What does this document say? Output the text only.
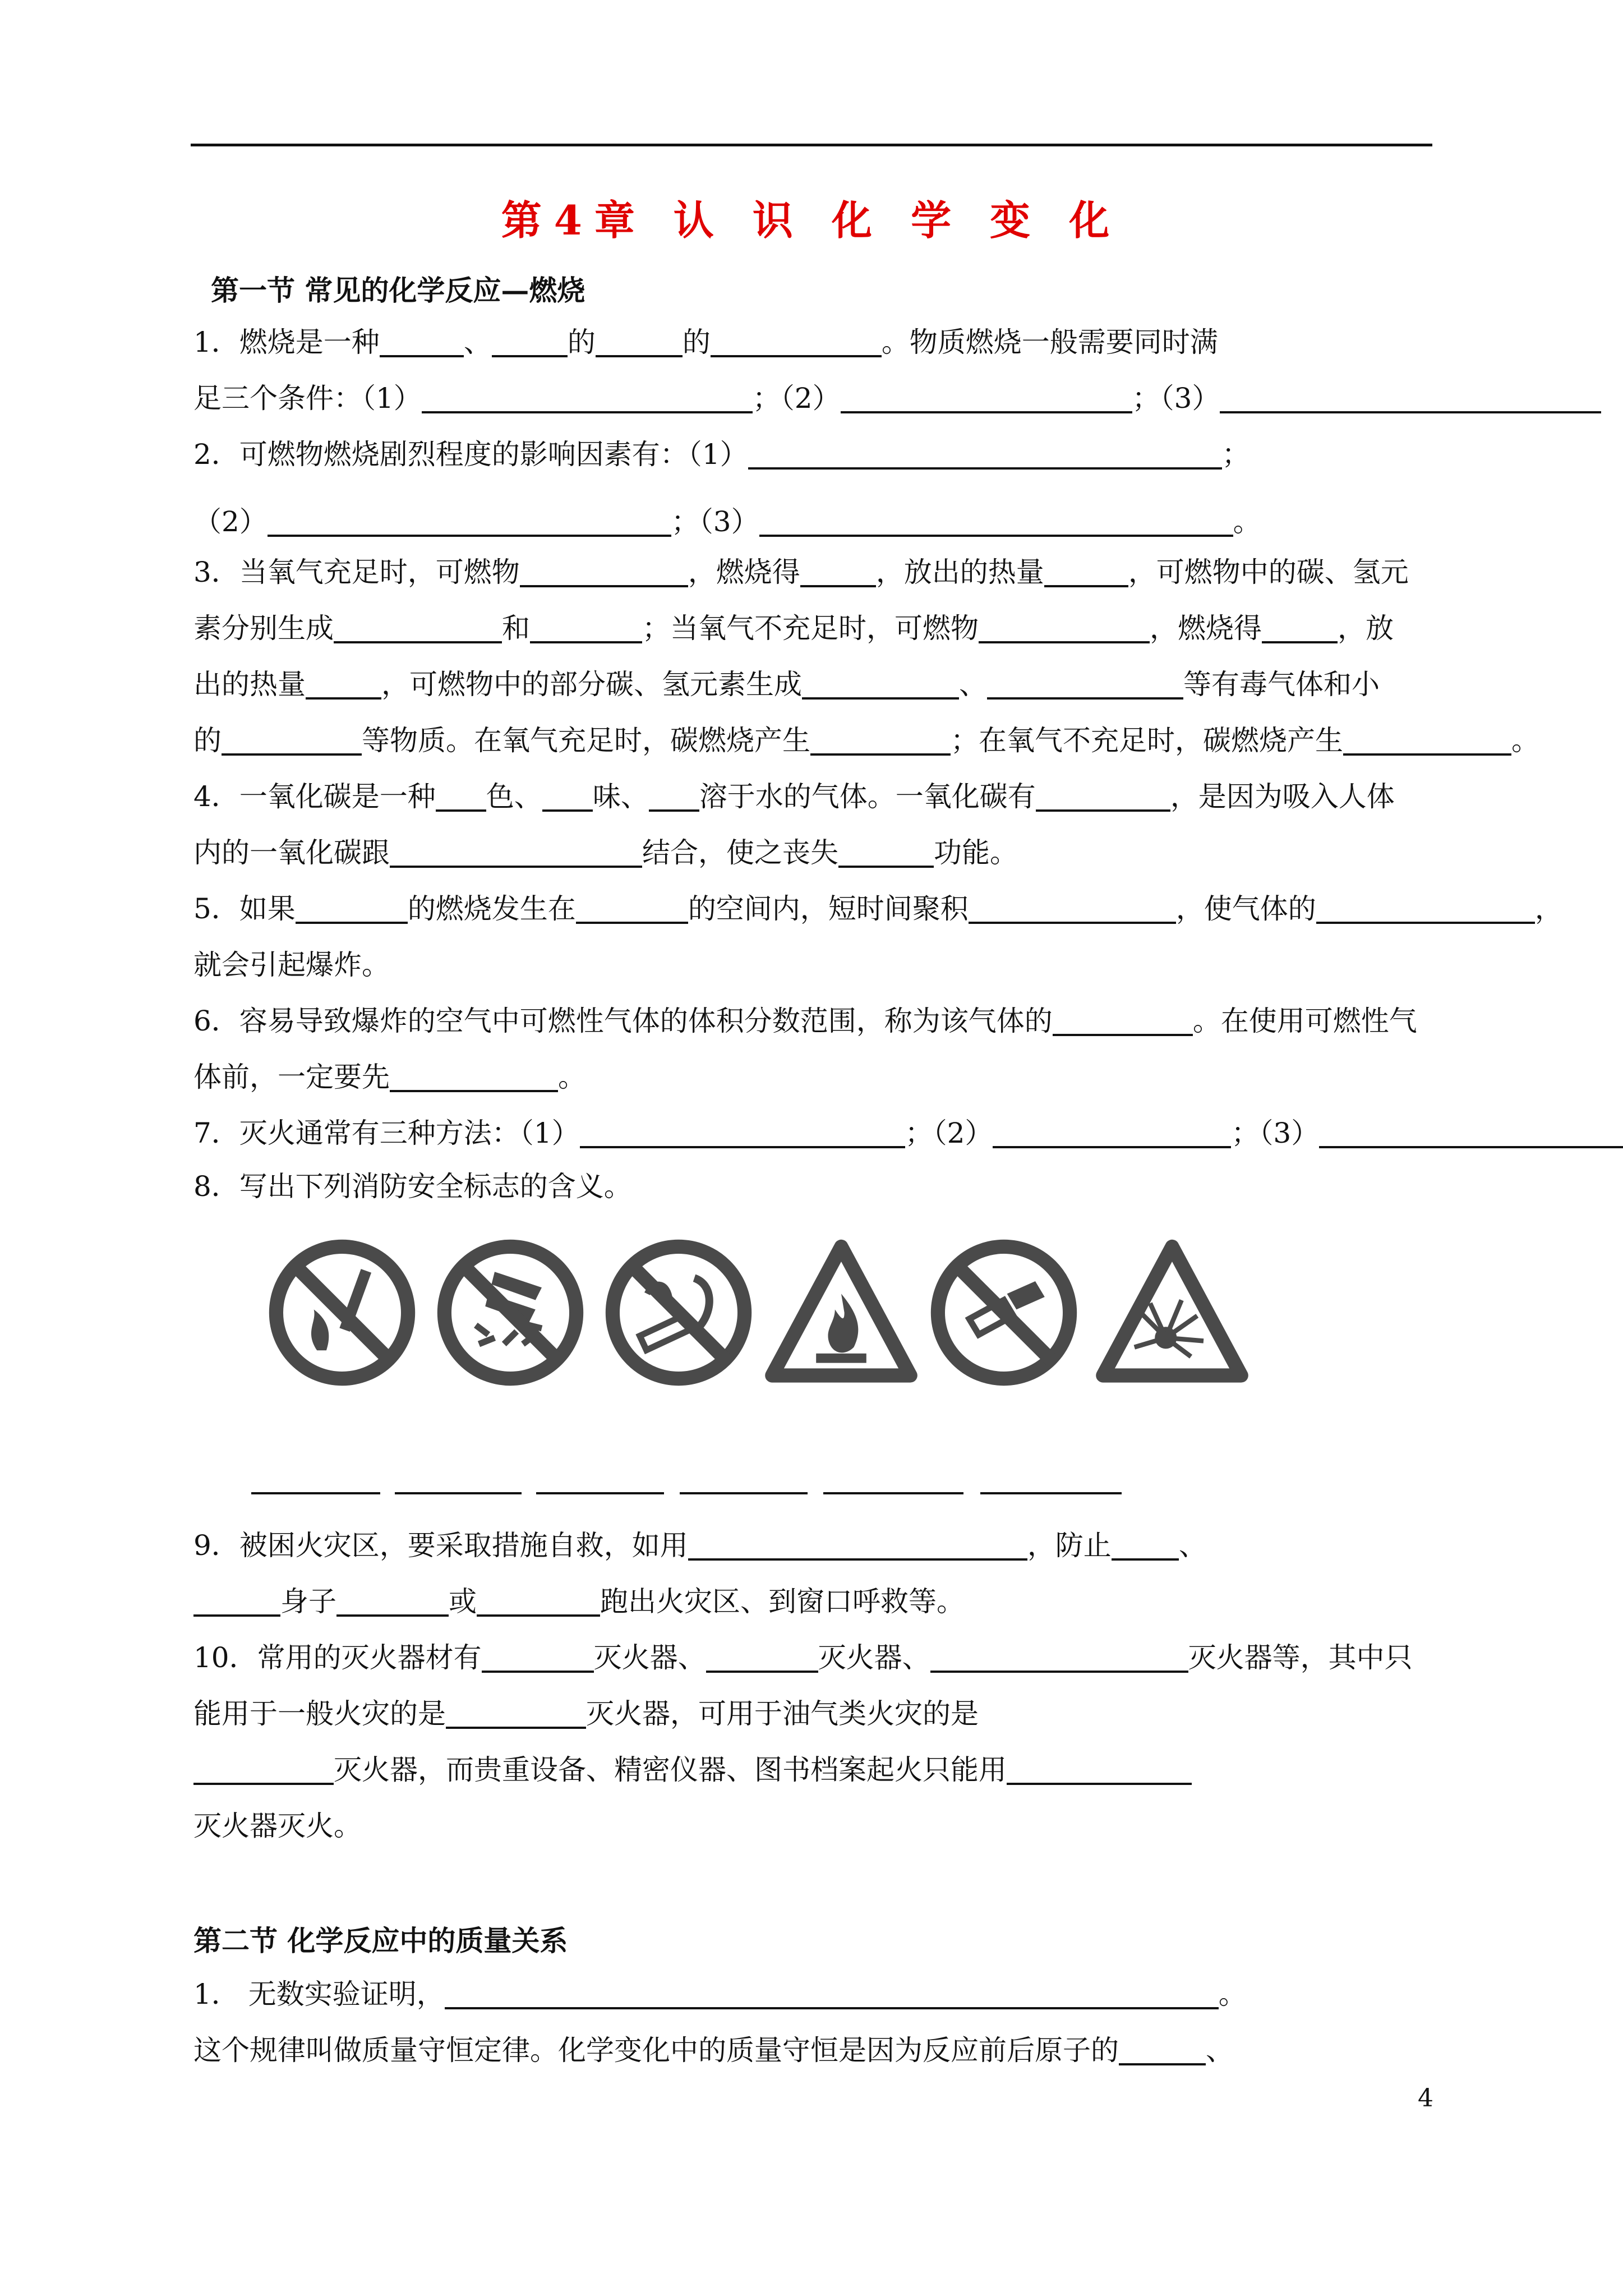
第4章 认 识 化 学 变 化
第一节 常见的化学反应—燃烧
1．燃烧是一种	、	的	的	。物质燃烧一般需要同时满
足三个条件：（1）	；（2）	；（3）
2．可燃物燃烧剧烈程度的影响因素有：（1）	；
（2）	；（3）	。
3．当氧气充足时，可燃物	，燃烧得	，放出的热量	，可燃物中的碳、氢元
素分别生成	和	；当氧气不充足时，可燃物	，燃烧得	，放
出的热量	，可燃物中的部分碳、氢元素生成	、	等有毒气体和小
的	等物质。在氧气充足时，碳燃烧产生	；在氧气不充足时，碳燃烧产生	。
4．一氧化碳是一种 色、 味、 溶于水的气体。一氧化碳有	，是因为吸入人体
内的一氧化碳跟	结合，使之丧失	功能。
5．如果	的燃烧发生在	的空间内，短时间聚积	，使气体的	，
就会引起爆炸。
6．容易导致爆炸的空气中可燃性气体的体积分数范围，称为该气体的	。在使用可燃性气
体前，一定要先	。
7．灭火通常有三种方法：（1）	；（2）	；（3）
8．写出下列消防安全标志的含义。
9．被困火灾区，要采取措施自救，如用	，防止 、
身子	或	跑出火灾区、到窗口呼救等。
10．常用的灭火器材有	灭火器、	灭火器、	灭火器等，其中只
能用于一般火灾的是	灭火器，可用于油气类火灾的是
灭火器，而贵重设备、精密仪器、图书档案起火只能用
灭火器灭火。
第二节 化学反应中的质量关系
1． 无数实验证明，	。
这个规律叫做质量守恒定律。化学变化中的质量守恒是因为反应前后原子的	、
4
